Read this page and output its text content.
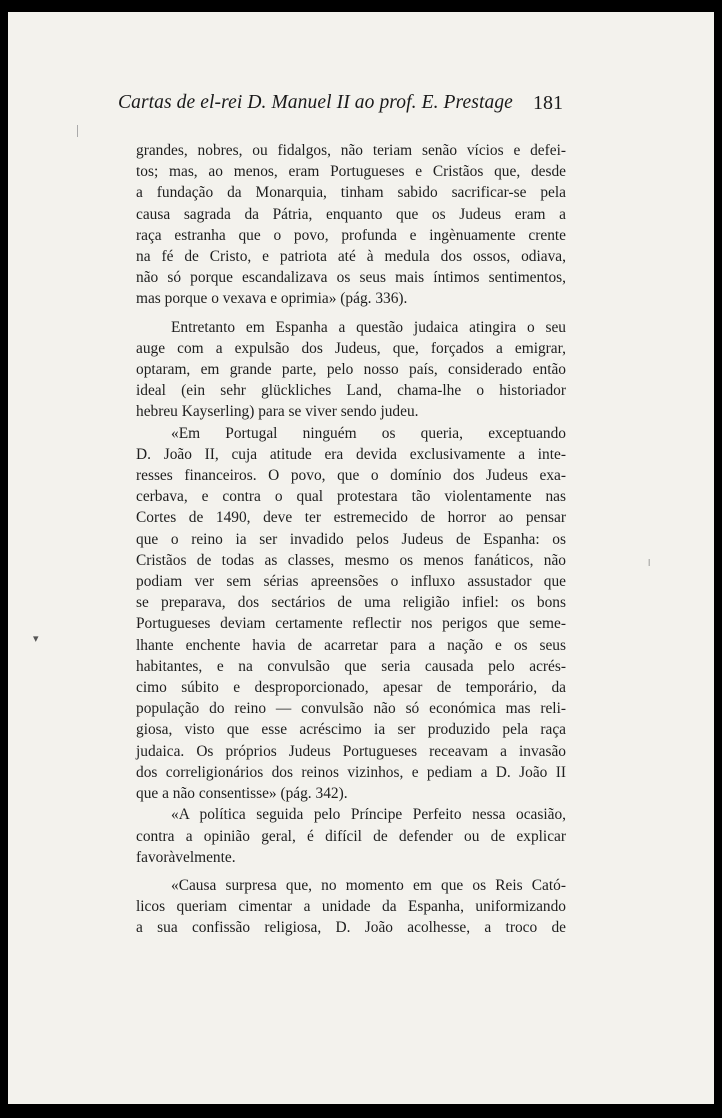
Cartas de el-rei D. Manuel II ao prof. E. Prestage 181
grandes, nobres, ou fidalgos, não teriam senão vícios e defei-
tos; mas, ao menos, eram Portugueses e Cristãos que, desde
a fundação da Monarquia, tinham sabido sacrificar-se pela
causa sagrada da Pátria, enquanto que os Judeus eram a
raça estranha que o povo, profunda e ingènuamente crente
na fé de Cristo, e patriota até à medula dos ossos, odiava,
não só porque escandalizava os seus mais íntimos sentimentos,
mas porque o vexava e oprimia» (pág. 336).
Entretanto em Espanha a questão judaica atingira o seu
auge com a expulsão dos Judeus, que, forçados a emigrar,
optaram, em grande parte, pelo nosso país, considerado então
ideal (ein sehr glückliches Land, chama-lhe o historiador
hebreu Kayserling) para se viver sendo judeu.
«Em Portugal ninguém os queria, exceptuando
D. João II, cuja atitude era devida exclusivamente a inte-
resses financeiros. O povo, que o domínio dos Judeus exa-
cerbava, e contra o qual protestara tão violentamente nas
Cortes de 1490, deve ter estremecido de horror ao pensar
que o reino ia ser invadido pelos Judeus de Espanha: os
Cristãos de todas as classes, mesmo os menos fanáticos, não
podiam ver sem sérias apreensões o influxo assustador que
se preparava, dos sectários de uma religião infiel: os bons
Portugueses deviam certamente reflectir nos perigos que seme-
lhante enchente havia de acarretar para a nação e os seus
habitantes, e na convulsão que seria causada pelo acrés-
cimo súbito e desproporcionado, apesar de temporário, da
população do reino — convulsão não só económica mas reli-
giosa, visto que esse acréscimo ia ser produzido pela raça
judaica. Os próprios Judeus Portugueses receavam a invasão
dos correligionários dos reinos vizinhos, e pediam a D. João II
que a não consentisse» (pág. 342).
«A política seguida pelo Príncipe Perfeito nessa ocasião,
contra a opinião geral, é difícil de defender ou de explicar
favoràvelmente.
«Causa surpresa que, no momento em que os Reis Cató-
licos queriam cimentar a unidade da Espanha, uniformizando
a sua confissão religiosa, D. João acolhesse, a troco de
▾
ǀ
